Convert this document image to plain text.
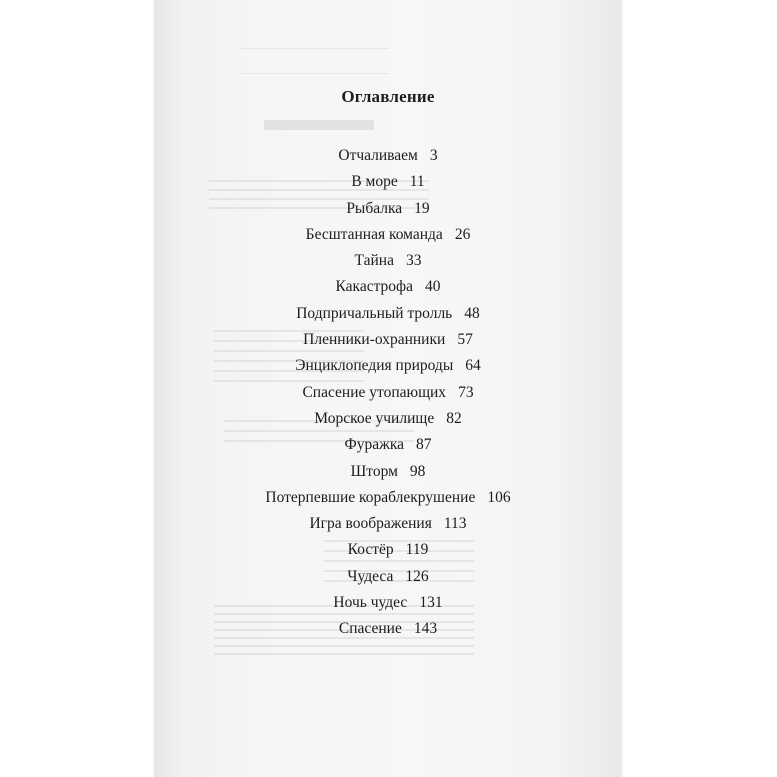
Оглавление
Отчаливаем 3
В море 11
Рыбалка 19
Бесштанная команда 26
Тайна 33
Какастрофа 40
Подпричальный тролль 48
Пленники-охранники 57
Энциклопедия природы 64
Спасение утопающих 73
Морское училище 82
Фуражка 87
Шторм 98
Потерпевшие кораблекрушение 106
Игра воображения 113
Костёр 119
Чудеса 126
Ночь чудес 131
Спасение 143
